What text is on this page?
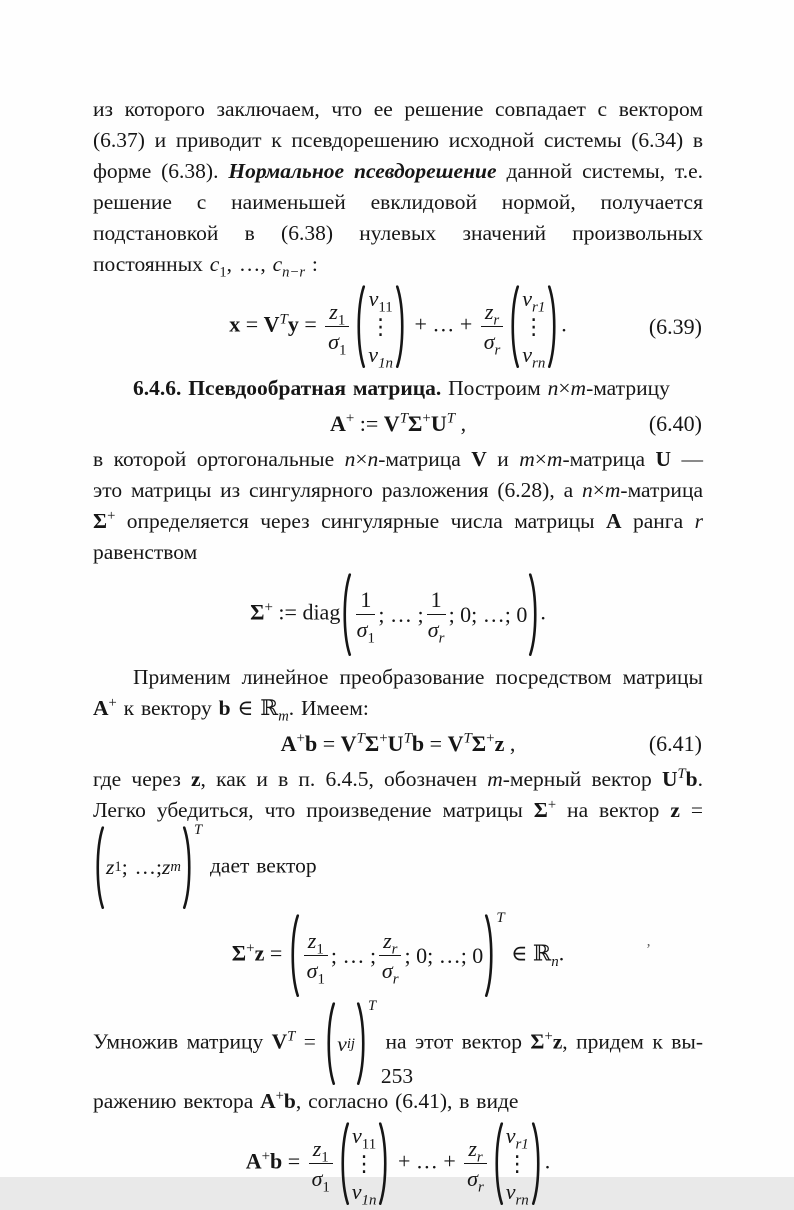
из которого заключаем, что ее решение совпадает с вектором (6.37) и приводит к псевдорешению исходной системы (6.34) в форме (6.38). Нормальное псевдорешение данной системы, т.е. решение с наименьшей евклидовой нормой, получается подстановкой в (6.38) нулевых значений произвольных постоянных $c_1$, …, $c_{n-r}$ :
$x = V^Ty = \frac{z_1}{\sigma_1}$
$v_{11}$
⋮
$v_{1n}$
+ … + $\frac{z_r}{\sigma_r}$
$v_{r1}$
⋮
$v_{rn}$
.	(6.39)
6.4.6. Псевдообратная матрица. Построим n×m-матрицу
A+ := $V^T\Sigma^+U^T$ ,	(6.40)
в которой ортогональные n×n-матрица V и m×m-матрица U — это матрицы из сингулярного разложения (6.28), а n×m-матрица Σ+ определяется через сингулярные числа матрицы A ранга r равенством
Σ+ := diag $\frac{1}{\sigma_1}$ ; … ; $\frac{1}{\sigma_r}$ ; 0; …; 0 .
Применим линейное преобразование посредством матрицы A+ к вектору b ∈ ℝ$_m$. Имеем:
$A^+b = V^T\Sigma^+U^Tb = V^T\Sigma^+z$ ,	(6.41)
где через z, как и в п. 6.4.5, обозначен m-мерный вектор $U^Tb$. Легко убедиться, что произведение матрицы Σ+ на вектор z =
z 1 ; …; z m
T
дает вектор
$\Sigma^+z = \frac{z_1}{\sigma_1}$ ; … ; $\frac{z_r}{\sigma_r}$ ; 0; …; 0
T
∈ ℝ$_n$.	ʼ
Умножив матрицу $V^T = v$ ij
T
на этот вектор Σ+z, придем к выражению вектора A+b, согласно (6.41), в виде
$A^+b = \frac{z_1}{\sigma_1}$
$v_{11}$
⋮
$v_{1n}$
+ … + $\frac{z_r}{\sigma_r}$
$v_{r1}$
⋮
$v_{rn}$
.
253
